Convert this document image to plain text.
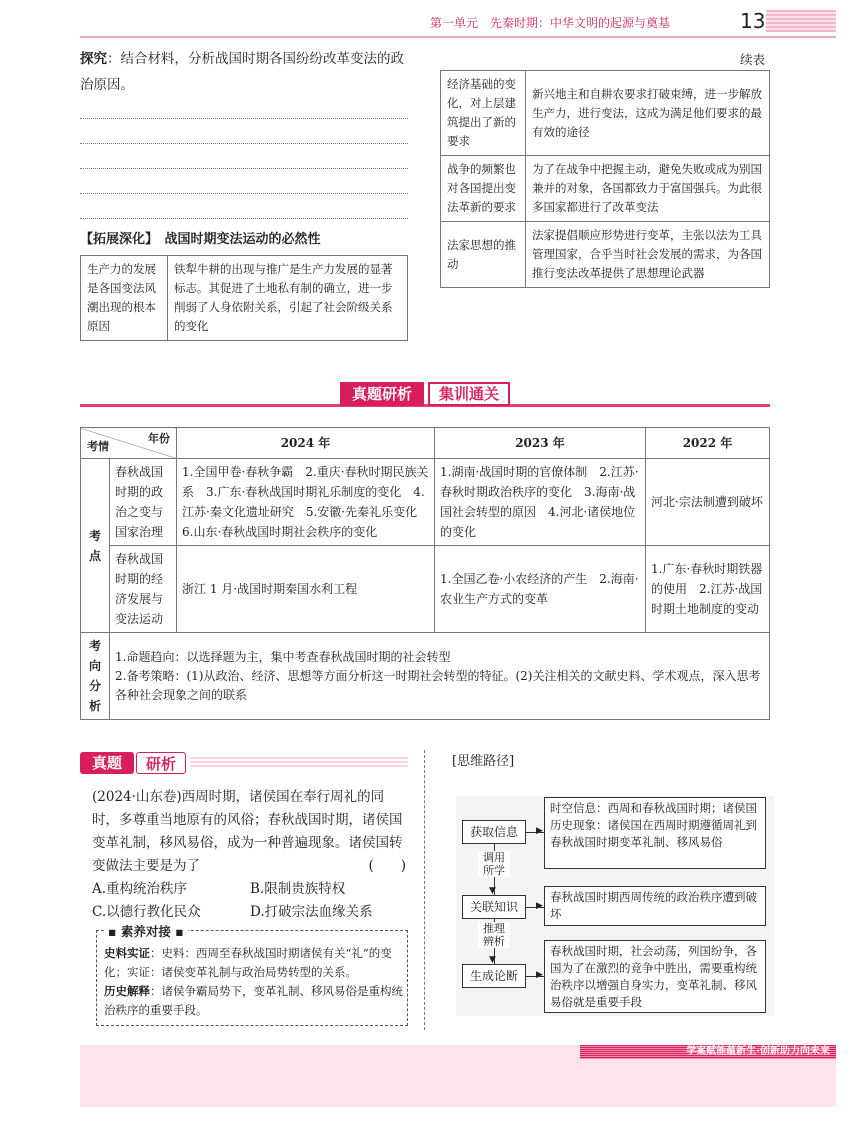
第一单元　先秦时期：中华文明的起源与奠基	13
探究：结合材料，分析战国时期各国纷纷改革变法的政治原因。
【拓展深化】　战国时期变法运动的必然性
生产力的发展是各国变法风潮出现的根本原因	铁犁牛耕的出现与推广是生产力发展的显著标志。其促进了土地私有制的确立，进一步削弱了人身依附关系，引起了社会阶级关系的变化
续表
经济基础的变化，对上层建筑提出了新的要求	新兴地主和自耕农要求打破束缚，进一步解放生产力，进行变法，这成为满足他们要求的最有效的途径
战争的频繁也对各国提出变法革新的要求	为了在战争中把握主动，避免失败或成为别国兼并的对象，各国都致力于富国强兵。为此很多国家都进行了改革变法
法家思想的推动	法家提倡顺应形势进行变革，主张以法为工具管理国家，合乎当时社会发展的需求，为各国推行变法改革提供了思想理论武器
真题研析	集训通关
年份
考情		2024 年	2023 年	2022 年
考点	春秋战国时期的政治之变与国家治理	1.全国甲卷·春秋争霸　2.重庆·春秋时期民族关系　3.广东·春秋战国时期礼乐制度的变化　4.江苏·秦文化遗址研究　5.安徽·先秦礼乐变化　6.山东·春秋战国时期社会秩序的变化	1.湖南·战国时期的官僚体制　2.江苏·春秋时期政治秩序的变化　3.海南·战国社会转型的原因　4.河北·诸侯地位的变化	河北·宗法制遭到破坏
	春秋战国时期的经济发展与变法运动	浙江 1 月·战国时期秦国水利工程	1.全国乙卷·小农经济的产生　2.海南·农业生产方式的变革	1.广东·春秋时期铁器的使用　2.江苏·战国时期土地制度的变动
考向分析	1.命题趋向：以选择题为主，集中考查春秋战国时期的社会转型
2.备考策略：(1)从政治、经济、思想等方面分析这一时期社会转型的特征。(2)关注相关的文献史料、学术观点，深入思考各种社会现象之间的联系			
真题	研析
(2024·山东卷)西周时期，诸侯国在奉行周礼的同时，多尊重当地原有的风俗；春秋战国时期，诸侯国变革礼制，移风易俗，成为一种普遍现象。诸侯国转变做法主要是为了	(　　)
A.重构统治秩序	B.限制贵族特权
C.以德行教化民众	D.打破宗法血缘关系
▪ 素养对接 ▪
史料实证：史料：西周至春秋战国时期诸侯有关“礼”的变化；实证：诸侯变革礼制与政治局势转型的关系。
历史解释：诸侯争霸局势下，变革礼制、移风易俗是重构统治秩序的重要手段。
[思维路径]
获取信息
关联知识
生成论断
▼
调用所学
▼
推理辨析
▶
▶
▶
时空信息：西周和春秋战国时期；诸侯国
历史现象：诸侯国在西周时期遵循周礼到春秋战国时期变革礼制、移风易俗
春秋战国时期西周传统的政治秩序遭到破坏
春秋战国时期，社会动荡，列国纷争，各国为了在激烈的竞争中胜出，需要重构统治秩序以增强自身实力，变革礼制、移风易俗就是重要手段
学案赋能蕴新生·创新助力向未来
